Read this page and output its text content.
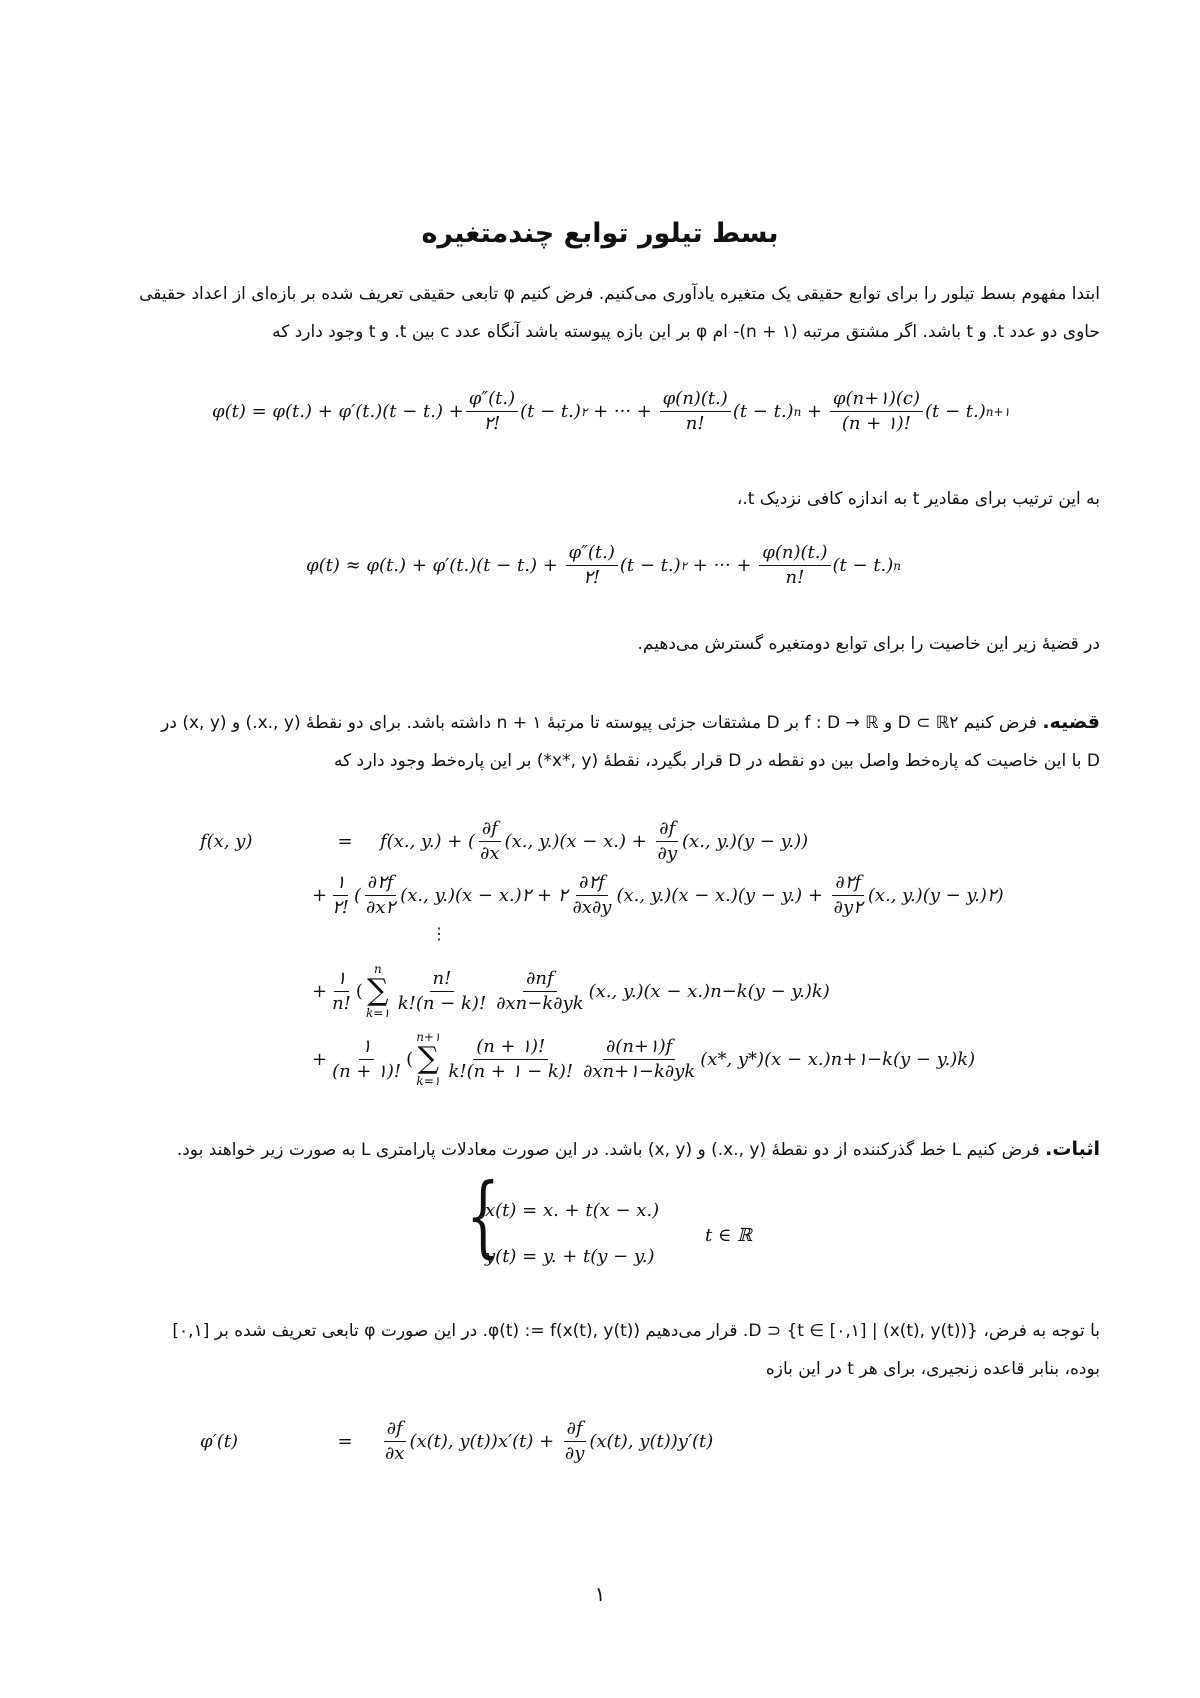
بسط تیلور توابع چندمتغیره
ابتدا مفهوم بسط تیلور را برای توابع حقیقی یک متغیره یادآوری می‌کنیم. فرض کنیم φ تابعی حقیقی تعریف شده بر بازه‌ای از اعداد حقیقی
حاوی دو عدد t. و t باشد. اگر مشتق مرتبه (n + ۱)- ام φ بر این بازه پیوسته باشد آنگاه عدد c بین t. و t وجود دارد که
$\varphi(t) = \varphi(t.) + \varphi'(t.)(t - t.) + \frac{\varphi''(t.)}{۲!} (t - t.)$ ۲ + ··· + $\frac{\varphi(n)(t.)}{n!} (t - t.) n + \frac{\varphi(n+۱)(c)}{(n + ۱)!} (t - t.)$ n+۱
به این ترتیب برای مقادیر t به اندازه کافی نزدیک t.،
$\varphi(t) \approx \varphi(t.) + \varphi'(t.)(t - t.) + \frac{\varphi''(t.)}{۲!} (t - t.)$ ۲ + ··· + $\frac{\varphi(n)(t.)}{n!} (t - t.)$ n
در قضیهٔ زیر این خاصیت را برای توابع دومتغیره گسترش می‌دهیم.
قضیه. فرض کنیم D ⊂ ℝ۲ و f : D → ℝ بر D مشتقات جزئی پیوسته تا مرتبهٔ n + ۱ داشته باشد. برای دو نقطهٔ (x., y.) و (x, y) در
D با این خاصیت که پاره‌خط واصل بین دو نقطه در D قرار بگیرد، نقطهٔ (x*, y*) بر این پاره‌خط وجود دارد که
f(x, y)	=	f(x., y.) + ( $\frac{\partial f}{\partial x} (x$., $y.)(x - x.) + \frac{\partial f}{\partial y} (x$., y.)(y − y.))
+ $\frac{۱}{۲!}$ ( $\frac{\partial ۲f}{\partial x۲} (x$., y.)(x − x.)۲ + ۲ $\frac{\partial ۲f}{\partial x\partial y} (x$., $y.)(x - x.)(y - y.) + \frac{\partial ۲f}{\partial y۲} (x$., y.)(y − y.)۲)
⋮
+ $\frac{۱}{n!}$ (
n
∑
k=۱ $\frac{n!}{k!(n - k)!} \frac{\partial nf}{\partial xn-k\partial yk} (x$., y.)(x − x.)n−k(y − y.)k)
+ $\frac{۱}{(n + ۱)!}$ (
n+۱
∑
k=۱ $\frac{(n + ۱)!}{k!(n + ۱ - k)!} \frac{\partial(n+۱)f}{\partial xn+۱-k\partial yk} (x*$, y*)(x − x.)n+۱−k(y − y.)k)
اثبات. فرض کنیم L خط گذرکننده از دو نقطهٔ (x., y.) و (x, y) باشد. در این صورت معادلات پارامتری L به صورت زیر خواهند بود.
{
x(t) = x. + t(x − x.)
y(t) = y. + t(y − y.)
t ∈ ℝ
با توجه به فرض، {(x(t), y(t)) | t ∈ [۰,۱]} ⊂ D. قرار می‌دهیم φ(t) := f(x(t), y(t)). در این صورت φ تابعی تعریف شده بر [۰,۱]
بوده، بنابر قاعده زنجیری، برای هر t در این بازه
φ′(t)	=	$\frac{\partial f}{\partial x} (x(t)$, $y(t))x'(t) + \frac{\partial f}{\partial y} (x(t)$, y(t))y′(t)
۱
